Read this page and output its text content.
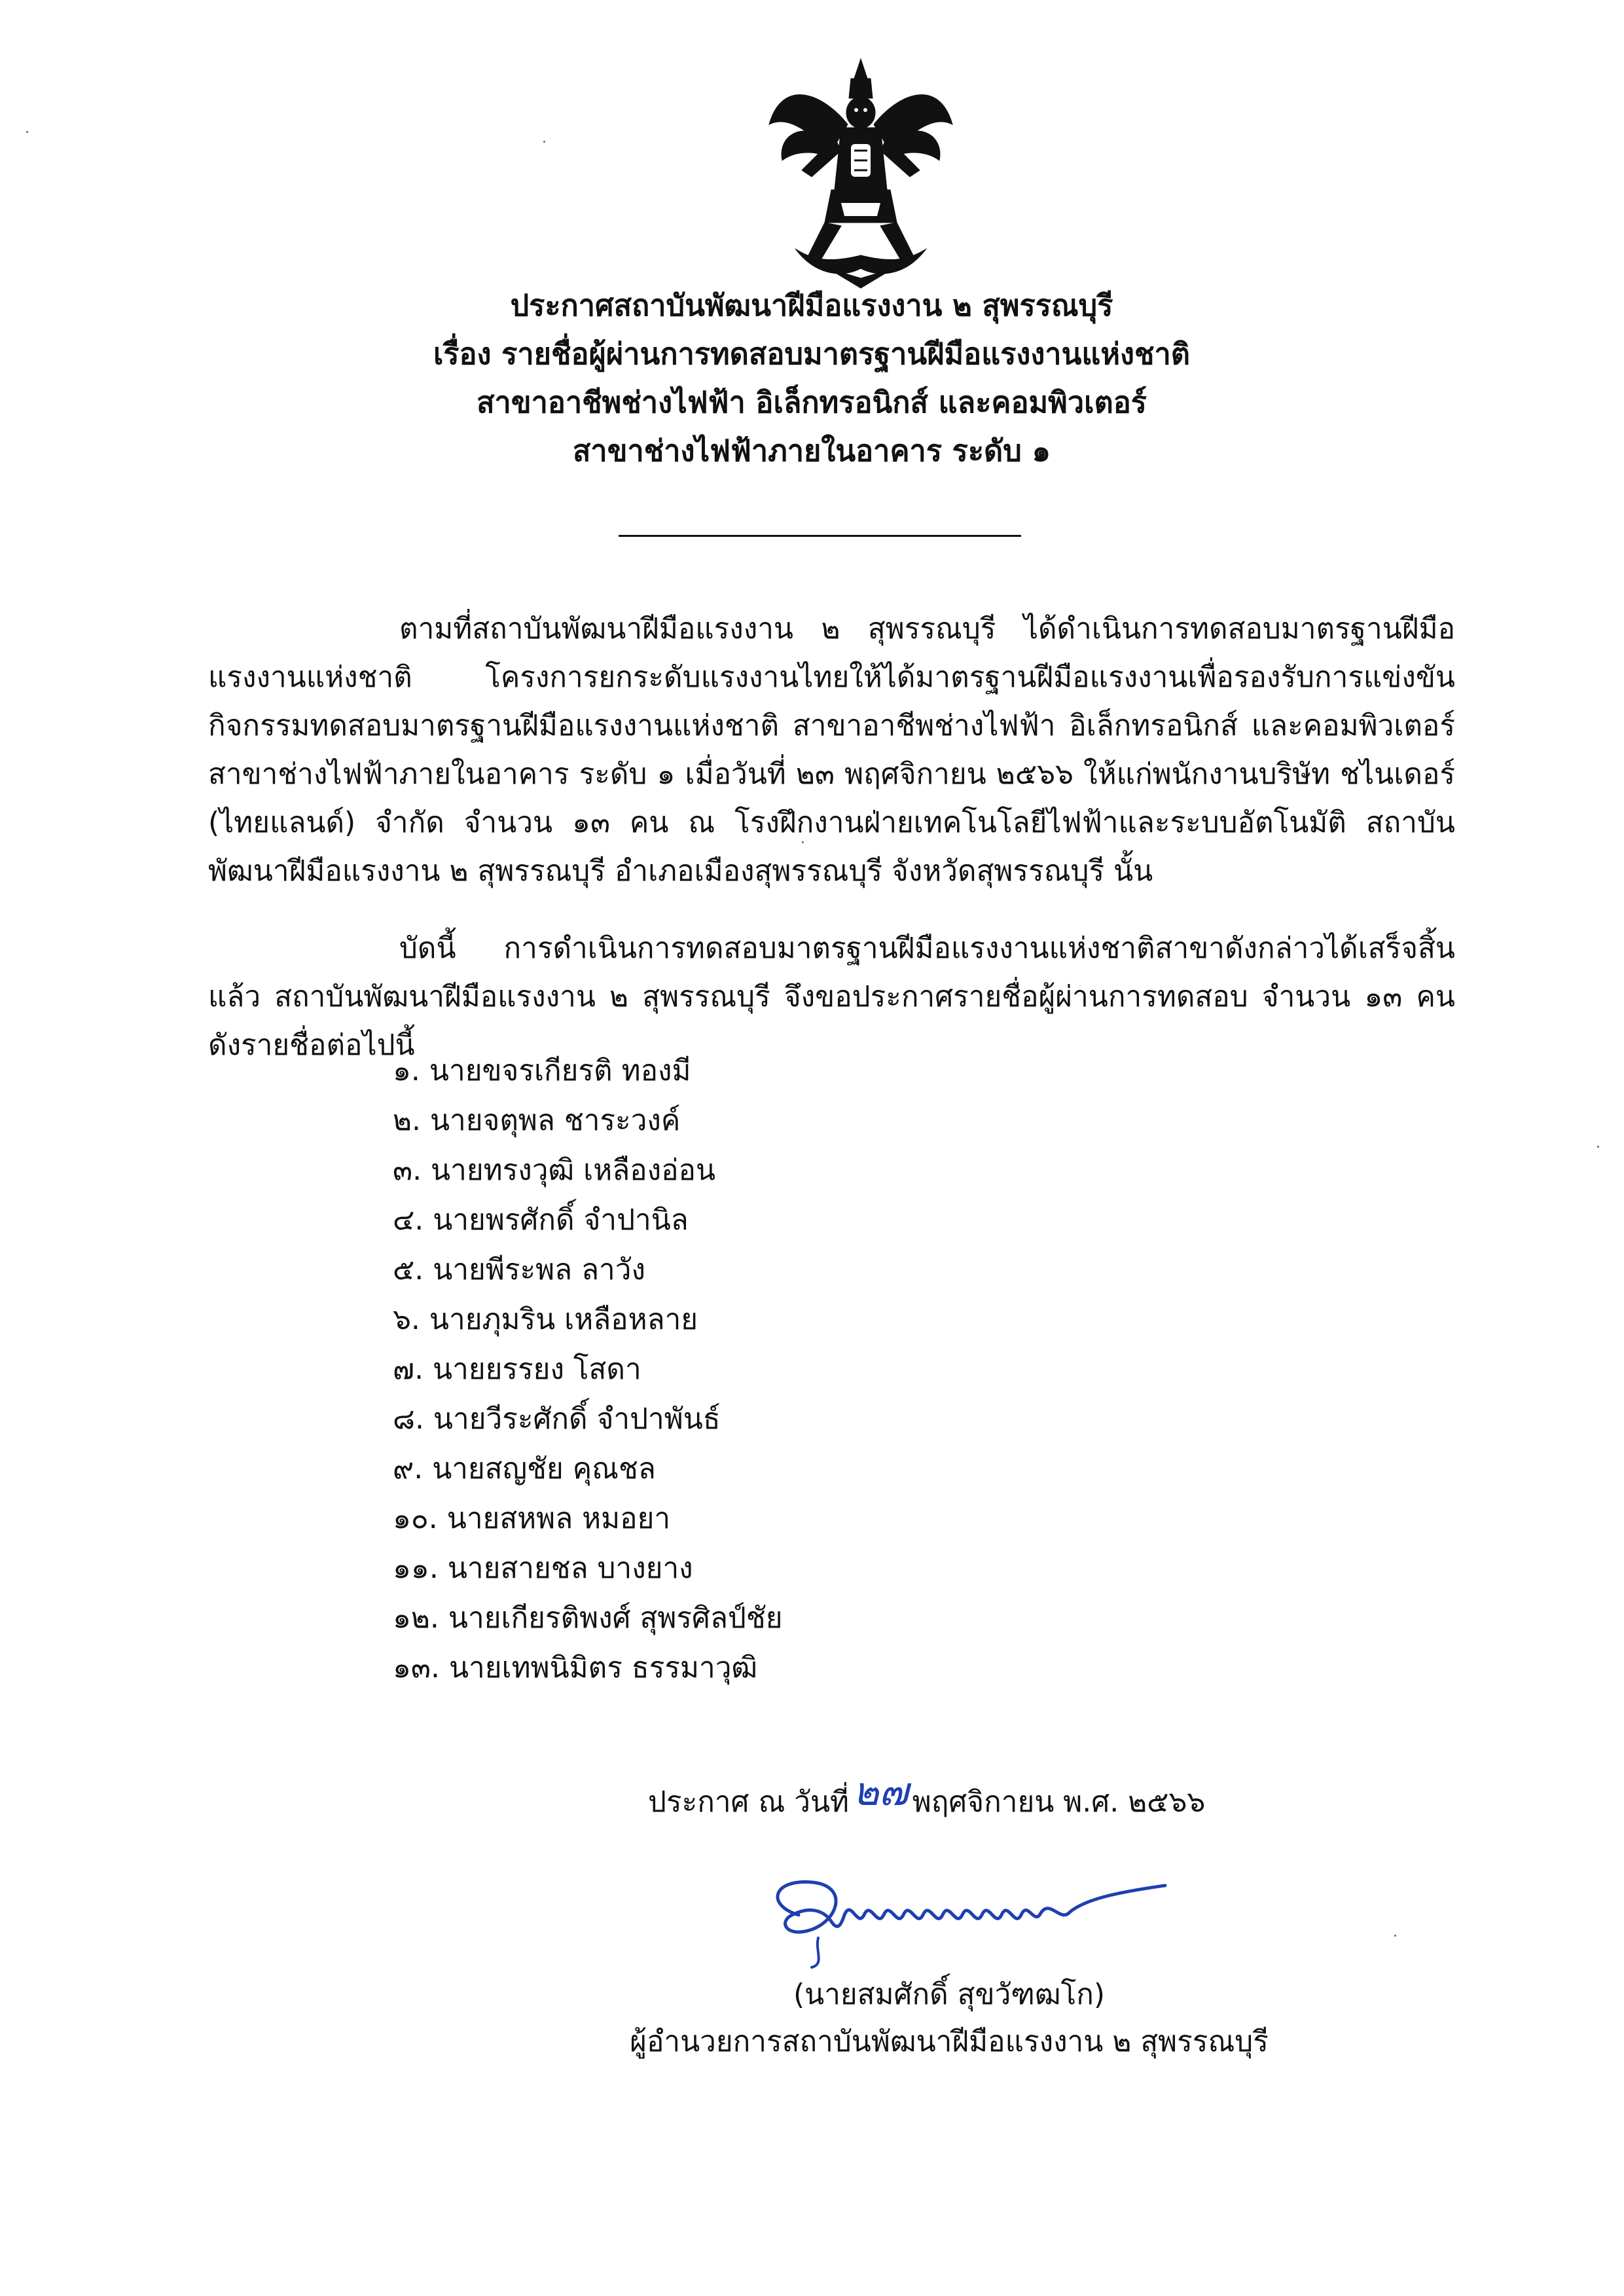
ประกาศสถาบันพัฒนาฝีมือแรงงาน ๒ สุพรรณบุรี
เรื่อง รายชื่อผู้ผ่านการทดสอบมาตรฐานฝีมือแรงงานแห่งชาติ
สาขาอาชีพช่างไฟฟ้า อิเล็กทรอนิกส์ และคอมพิวเตอร์
สาขาช่างไฟฟ้าภายในอาคาร ระดับ ๑

ตามที่สถาบันพัฒนาฝีมือแรงงาน ๒ สุพรรณบุรี ได้ดำเนินการทดสอบมาตรฐานฝีมือแรงงานแห่งชาติ โครงการยกระดับแรงงานไทยให้ได้มาตรฐานฝีมือแรงงานเพื่อรองรับการแข่งขัน กิจกรรมทดสอบมาตรฐานฝีมือแรงงานแห่งชาติ สาขาอาชีพช่างไฟฟ้า อิเล็กทรอนิกส์ และคอมพิวเตอร์ สาขาช่างไฟฟ้าภายในอาคาร ระดับ ๑ เมื่อวันที่ ๒๓ พฤศจิกายน ๒๕๖๖ ให้แก่พนักงานบริษัท ชไนเดอร์ (ไทยแลนด์) จำกัด จำนวน ๑๓ คน ณ โรงฝึกงานฝ่ายเทคโนโลยีไฟฟ้าและระบบอัตโนมัติ สถาบันพัฒนาฝีมือแรงงาน ๒ สุพรรณบุรี อำเภอเมืองสุพรรณบุรี จังหวัดสุพรรณบุรี นั้น

บัดนี้ การดำเนินการทดสอบมาตรฐานฝีมือแรงงานแห่งชาติสาขาดังกล่าวได้เสร็จสิ้นแล้ว สถาบันพัฒนาฝีมือแรงงาน ๒ สุพรรณบุรี จึงขอประกาศรายชื่อผู้ผ่านการทดสอบ จำนวน ๑๓ คน ดังรายชื่อต่อไปนี้

๑. นายขจรเกียรติ ทองมี
๒. นายจตุพล ชาระวงค์
๓. นายทรงวุฒิ เหลืองอ่อน
๔. นายพรศักดิ์ จำปานิล
๕. นายพีระพล ลาวัง
๖. นายภุมริน เหลือหลาย
๗. นายยรรยง โสดา
๘. นายวีระศักดิ์ จำปาพันธ์
๙. นายสญชัย คุณชล
๑๐. นายสหพล หมอยา
๑๑. นายสายชล บางยาง
๑๒. นายเกียรติพงศ์ สุพรศิลป์ชัย
๑๓. นายเทพนิมิตร ธรรมาวุฒิ
ประกาศ ณ วันที่ ๒๗ พฤศจิกายน พ.ศ. ๒๕๖๖
(นายสมศักดิ์ สุขวัฑฒโก)
ผู้อำนวยการสถาบันพัฒนาฝีมือแรงงาน ๒ สุพรรณบุรี
